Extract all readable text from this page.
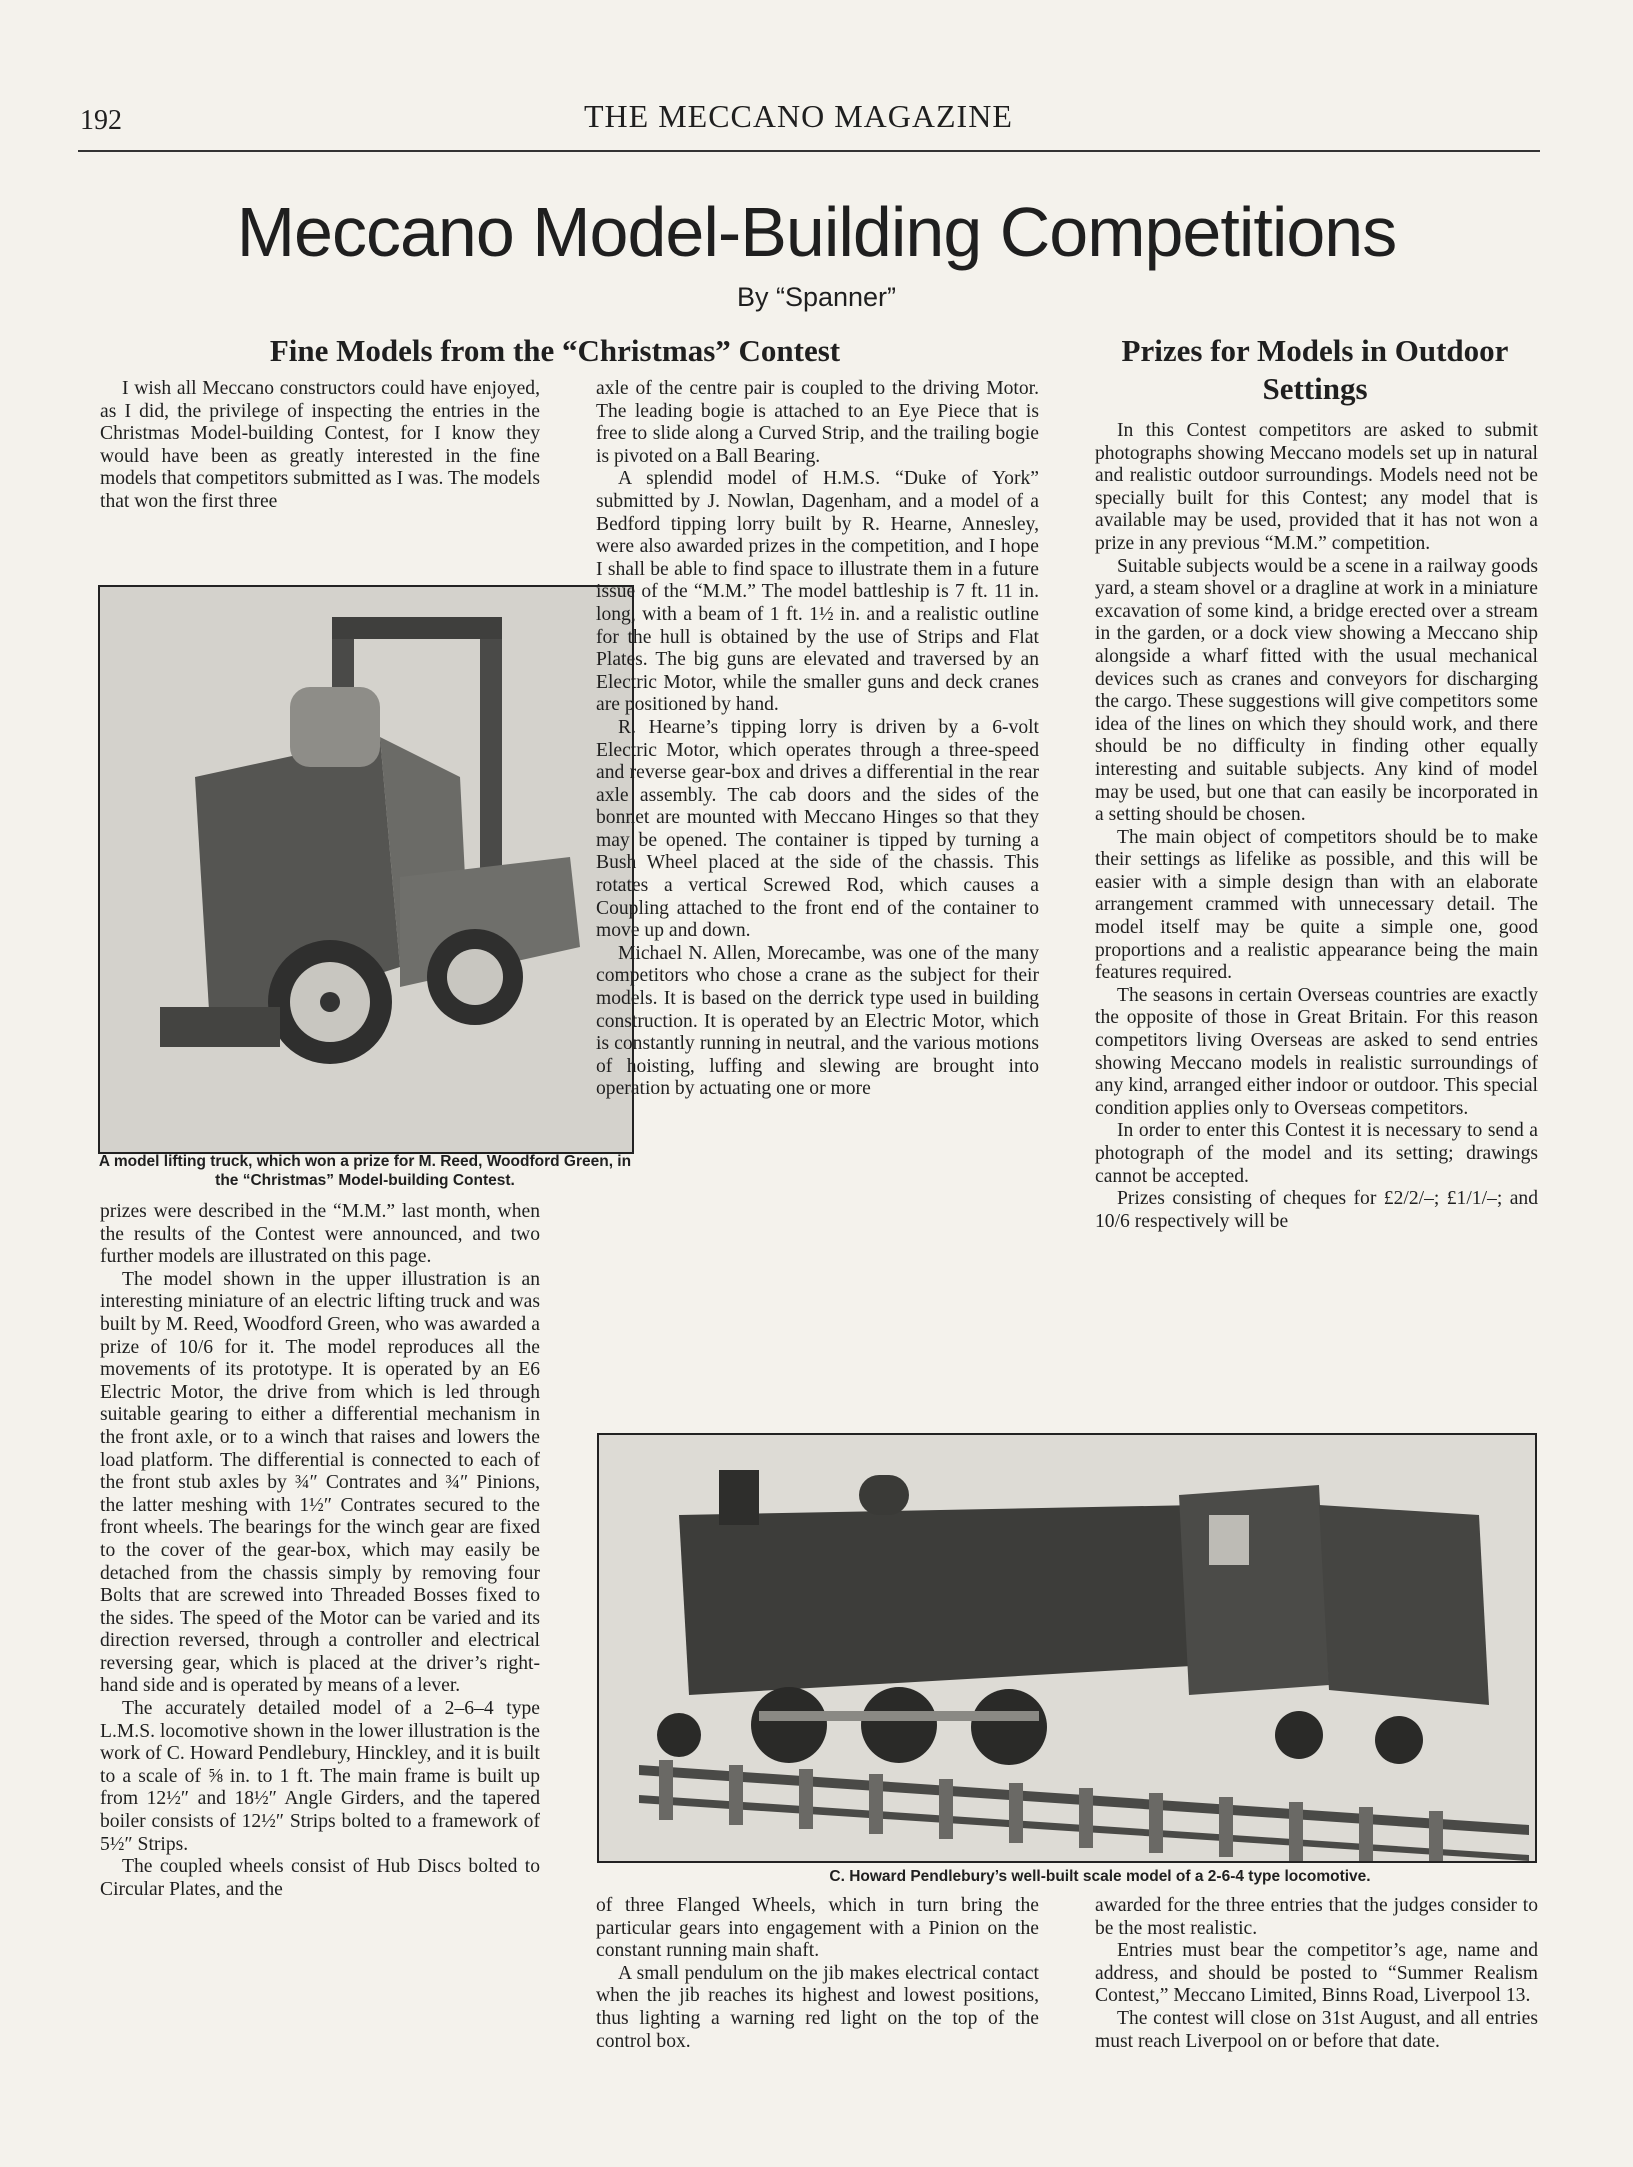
192	THE MECCANO MAGAZINE
Meccano Model-Building Competitions
By “Spanner”
Fine Models from the “Christmas” Contest	Prizes for Models in Outdoor Settings

I wish all Meccano constructors could have enjoyed, as I did, the privilege of inspecting the entries in the Christmas Model-building Contest, for I know they would have been as greatly interested in the fine models that competitors submitted as I was. The models that won the first three

A model lifting truck, which won a prize for M. Reed, Woodford Green, in the “Christmas” Model-building Contest.

prizes were described in the “M.M.” last month, when the results of the Contest were announced, and two further models are illustrated on this page.

The model shown in the upper illustration is an interesting miniature of an electric lifting truck and was built by M. Reed, Woodford Green, who was awarded a prize of 10/6 for it. The model reproduces all the movements of its prototype. It is operated by an E6 Electric Motor, the drive from which is led through suitable gearing to either a differential mechanism in the front axle, or to a winch that raises and lowers the load platform. The differential is connected to each of the front stub axles by ¾″ Contrates and ¾″ Pinions, the latter meshing with 1½″ Contrates secured to the front wheels. The bearings for the winch gear are fixed to the cover of the gear-box, which may easily be detached from the chassis simply by removing four Bolts that are screwed into Threaded Bosses fixed to the sides. The speed of the Motor can be varied and its direction reversed, through a controller and electrical reversing gear, which is placed at the driver’s right-hand side and is operated by means of a lever.

The accurately detailed model of a 2–6–4 type L.M.S. locomotive shown in the lower illustration is the work of C. Howard Pendlebury, Hinckley, and it is built to a scale of ⅝ in. to 1 ft. The main frame is built up from 12½″ and 18½″ Angle Girders, and the tapered boiler consists of 12½″ Strips bolted to a framework of 5½″ Strips.

The coupled wheels consist of Hub Discs bolted to Circular Plates, and the

axle of the centre pair is coupled to the driving Motor. The leading bogie is attached to an Eye Piece that is free to slide along a Curved Strip, and the trailing bogie is pivoted on a Ball Bearing.

A splendid model of H.M.S. “Duke of York” submitted by J. Nowlan, Dagenham, and a model of a Bedford tipping lorry built by R. Hearne, Annesley, were also awarded prizes in the competition, and I hope I shall be able to find space to illustrate them in a future issue of the “M.M.” The model battleship is 7 ft. 11 in. long, with a beam of 1 ft. 1½ in. and a realistic outline for the hull is obtained by the use of Strips and Flat Plates. The big guns are elevated and traversed by an Electric Motor, while the smaller guns and deck cranes are positioned by hand.

R. Hearne’s tipping lorry is driven by a 6-volt Electric Motor, which operates through a three-speed and reverse gear-box and drives a differential in the rear axle assembly. The cab doors and the sides of the bonnet are mounted with Meccano Hinges so that they may be opened. The container is tipped by turning a Bush Wheel placed at the side of the chassis. This rotates a vertical Screwed Rod, which causes a Coupling attached to the front end of the container to move up and down.

Michael N. Allen, Morecambe, was one of the many competitors who chose a crane as the subject for their models. It is based on the derrick type used in building construction. It is operated by an Electric Motor, which is constantly running in neutral, and the various motions of hoisting, luffing and slewing are brought into operation by actuating one or more

In this Contest competitors are asked to submit photographs showing Meccano models set up in natural and realistic outdoor surroundings. Models need not be specially built for this Contest; any model that is available may be used, provided that it has not won a prize in any previous “M.M.” competition.

Suitable subjects would be a scene in a railway goods yard, a steam shovel or a dragline at work in a miniature excavation of some kind, a bridge erected over a stream in the garden, or a dock view showing a Meccano ship alongside a wharf fitted with the usual mechanical devices such as cranes and conveyors for discharging the cargo. These suggestions will give competitors some idea of the lines on which they should work, and there should be no difficulty in finding other equally interesting and suitable subjects. Any kind of model may be used, but one that can easily be incorporated in a setting should be chosen.

The main object of competitors should be to make their settings as lifelike as possible, and this will be easier with a simple design than with an elaborate arrangement crammed with unnecessary detail. The model itself may be quite a simple one, good proportions and a realistic appearance being the main features required.

The seasons in certain Overseas countries are exactly the opposite of those in Great Britain. For this reason competitors living Overseas are asked to send entries showing Meccano models in realistic surroundings of any kind, arranged either indoor or outdoor. This special condition applies only to Overseas competitors.

In order to enter this Contest it is necessary to send a photograph of the model and its setting; drawings cannot be accepted.

Prizes consisting of cheques for £2/2/–; £1/1/–; and 10/6 respectively will be

C. Howard Pendlebury’s well-built scale model of a 2-6-4 type locomotive.

of three Flanged Wheels, which in turn bring the particular gears into engagement with a Pinion on the constant running main shaft.

A small pendulum on the jib makes electrical contact when the jib reaches its highest and lowest positions, thus lighting a warning red light on the top of the control box.

awarded for the three entries that the judges consider to be the most realistic.

Entries must bear the competitor’s age, name and address, and should be posted to “Summer Realism Contest,” Meccano Limited, Binns Road, Liverpool 13.

The contest will close on 31st August, and all entries must reach Liverpool on or before that date.
